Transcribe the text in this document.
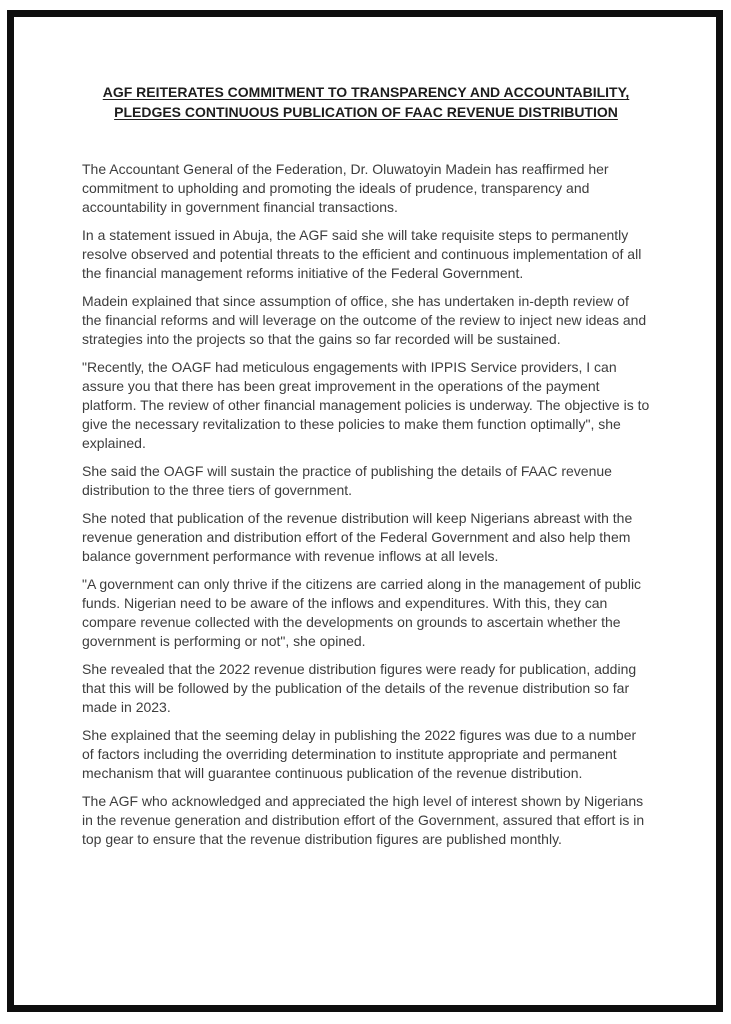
AGF REITERATES COMMITMENT TO TRANSPARENCY AND ACCOUNTABILITY, PLEDGES CONTINUOUS PUBLICATION OF FAAC REVENUE DISTRIBUTION

The Accountant General of the Federation, Dr. Oluwatoyin Madein has reaffirmed her commitment to upholding and promoting the ideals of prudence, transparency and accountability in government financial transactions.

In a statement issued in Abuja, the AGF said she will take requisite steps to permanently resolve observed and potential threats to the efficient and continuous implementation of all the financial management reforms initiative of the Federal Government.

Madein explained that since assumption of office, she has undertaken in-depth review of the financial reforms and will leverage on the outcome of the review to inject new ideas and strategies into the projects so that the gains so far recorded will be sustained.

"Recently, the OAGF had meticulous engagements with IPPIS Service providers, I can assure you that there has been great improvement in the operations of the payment platform. The review of other financial management policies is underway. The objective is to give the necessary revitalization to these policies to make them function optimally", she explained.

She said the OAGF will sustain the practice of publishing the details of FAAC revenue distribution to the three tiers of government.

She noted that publication of the revenue distribution will keep Nigerians abreast with the revenue generation and distribution effort of the Federal Government and also help them balance government performance with revenue inflows at all levels.

"A government can only thrive if the citizens are carried along in the management of public funds. Nigerian need to be aware of the inflows and expenditures. With this, they can compare revenue collected with the developments on grounds to ascertain whether the government is performing or not", she opined.

She revealed that the 2022 revenue distribution figures were ready for publication, adding that this will be followed by the publication of the details of the revenue distribution so far made in 2023.

She explained that the seeming delay in publishing the 2022 figures was due to a number of factors including the overriding determination to institute appropriate and permanent mechanism that will guarantee continuous publication of the revenue distribution.

The AGF who acknowledged and appreciated the high level of interest shown by Nigerians in the revenue generation and distribution effort of the Government, assured that effort is in top gear to ensure that the revenue distribution figures are published monthly.
